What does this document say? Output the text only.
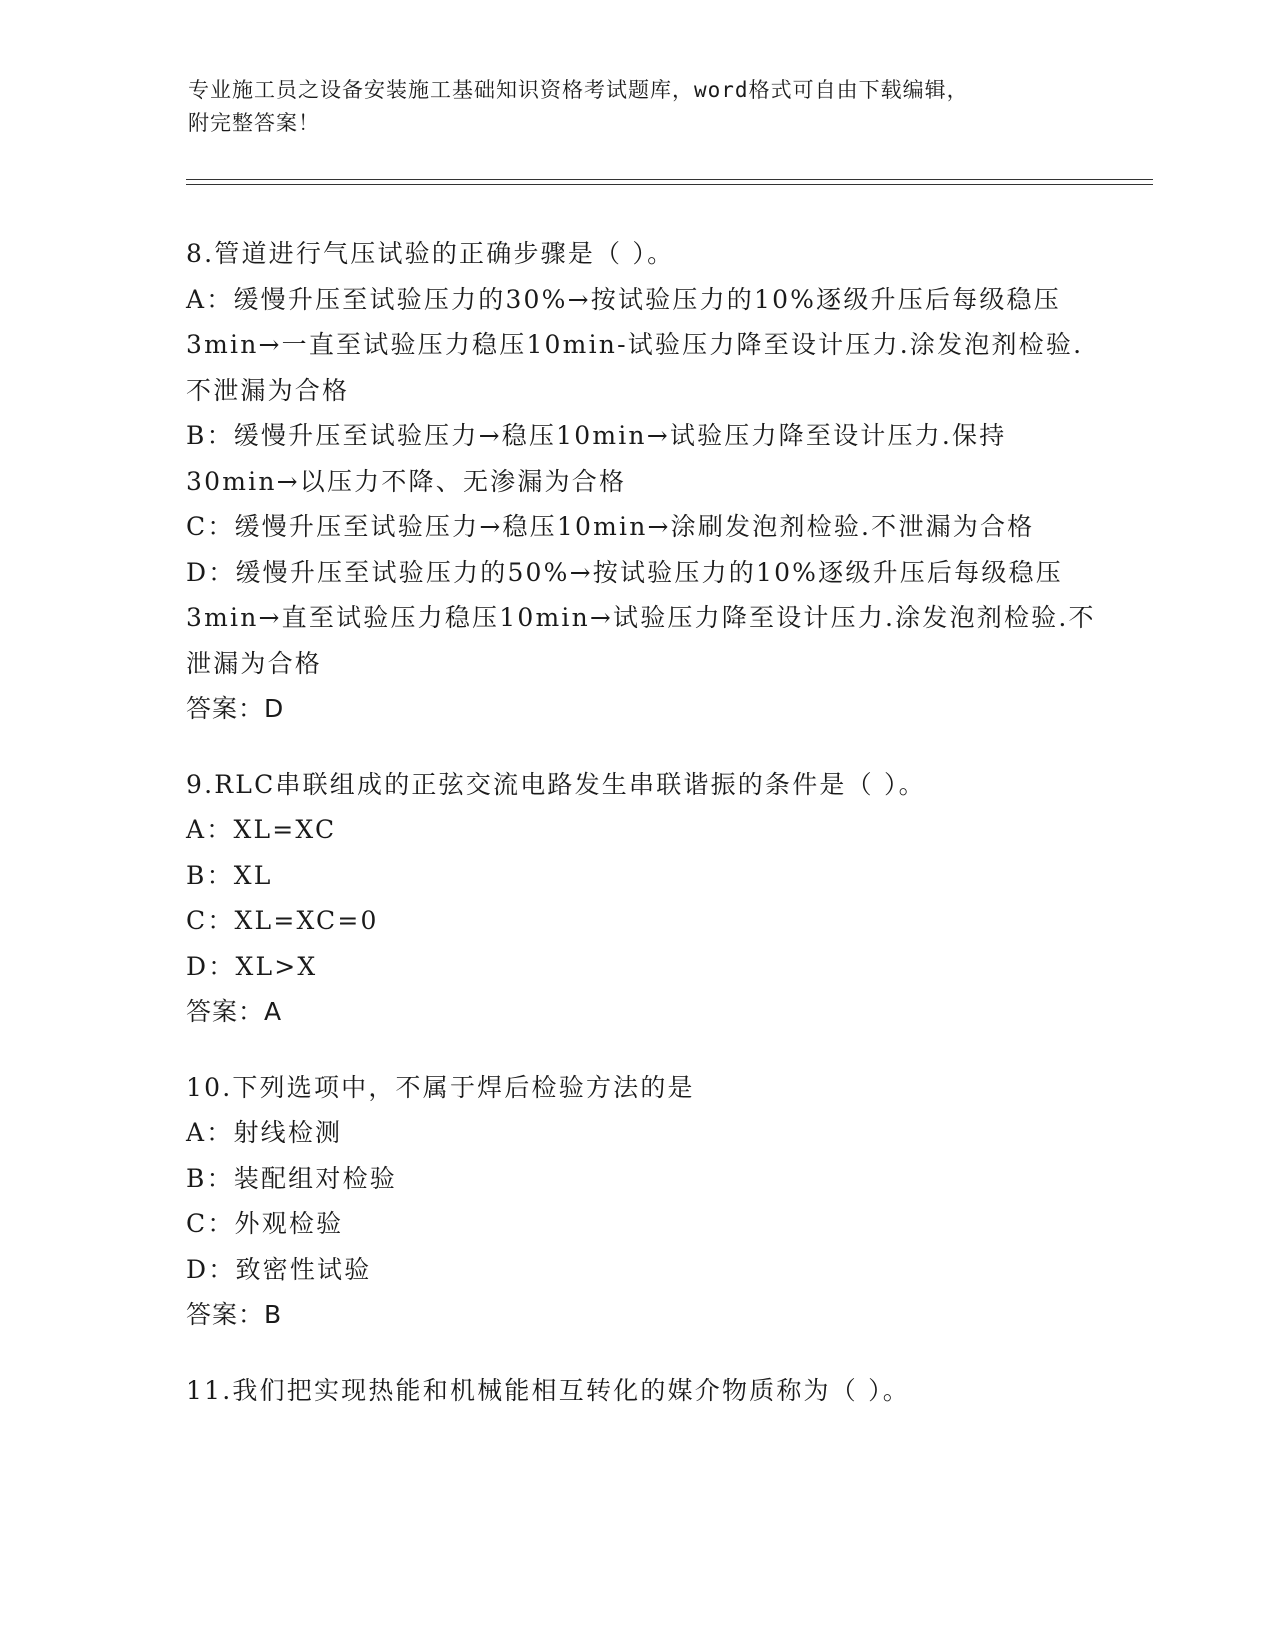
专业施工员之设备安装施工基础知识资格考试题库，word格式可自由下载编辑，
附完整答案！
8.管道进行气压试验的正确步骤是（ ）。
A：缓慢升压至试验压力的30%→按试验压力的10%逐级升压后每级稳压3min→一直至试验压力稳压10min-试验压力降至设计压力.涂发泡剂检验.不泄漏为合格
B：缓慢升压至试验压力→稳压10min→试验压力降至设计压力.保持30min→以压力不降、无渗漏为合格
C：缓慢升压至试验压力→稳压10min→涂刷发泡剂检验.不泄漏为合格
D：缓慢升压至试验压力的50%→按试验压力的10%逐级升压后每级稳压3min→直至试验压力稳压10min→试验压力降至设计压力.涂发泡剂检验.不泄漏为合格
答案：D
9.RLC串联组成的正弦交流电路发生串联谐振的条件是（ ）。
A：XL=XC
B：XL
C：XL=XC=0
D：XL>X
答案：A
10.下列选项中，不属于焊后检验方法的是
A：射线检测
B：装配组对检验
C：外观检验
D：致密性试验
答案：B
11.我们把实现热能和机械能相互转化的媒介物质称为（ ）。
